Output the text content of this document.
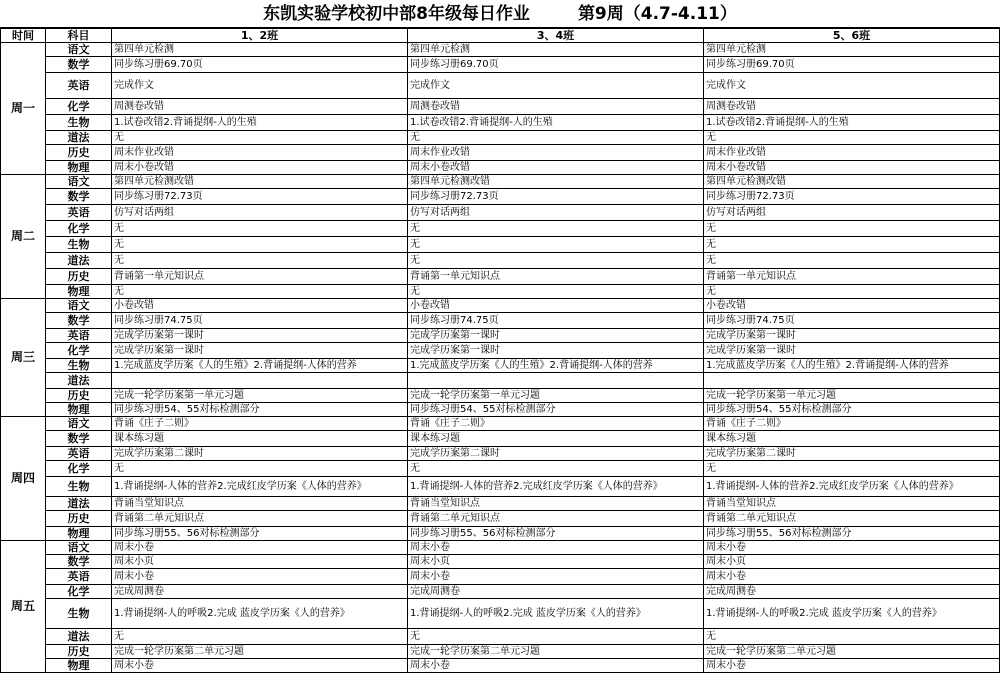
东凯实验学校初中部8年级每日作业	第9周（4.7-4.11）
时间	科目	1、2班	3、4班	5、6班
周一	语文	第四单元检测	第四单元检测	第四单元检测
	数学	同步练习册69.70页	同步练习册69.70页	同步练习册69.70页
	英语	完成作文	完成作文	完成作文
	化学	周测卷改错	周测卷改错	周测卷改错
	生物	1.试卷改错2.背诵提纲-人的生殖	1.试卷改错2.背诵提纲-人的生殖	1.试卷改错2.背诵提纲-人的生殖
	道法	无	无	无
	历史	周末作业改错	周末作业改错	周末作业改错
	物理	周末小卷改错	周末小卷改错	周末小卷改错
周二	语文	第四单元检测改错	第四单元检测改错	第四单元检测改错
	数学	同步练习册72.73页	同步练习册72.73页	同步练习册72.73页
	英语	仿写对话两组	仿写对话两组	仿写对话两组
	化学	无	无	无
	生物	无	无	无
	道法	无	无	无
	历史	背诵第一单元知识点	背诵第一单元知识点	背诵第一单元知识点
	物理	无	无	无
周三	语文	小卷改错	小卷改错	小卷改错
	数学	同步练习册74.75页	同步练习册74.75页	同步练习册74.75页
	英语	完成学历案第一课时	完成学历案第一课时	完成学历案第一课时
	化学	完成学历案第一课时	完成学历案第一课时	完成学历案第一课时
	生物	1.完成蓝皮学历案《人的生殖》2.背诵提纲-人体的营养	1.完成蓝皮学历案《人的生殖》2.背诵提纲-人体的营养	1.完成蓝皮学历案《人的生殖》2.背诵提纲-人体的营养
	道法			
	历史	完成一轮学历案第一单元习题	完成一轮学历案第一单元习题	完成一轮学历案第一单元习题
	物理	同步练习册54、55对标检测部分	同步练习册54、55对标检测部分	同步练习册54、55对标检测部分
周四	语文	背诵《庄子二则》	背诵《庄子二则》	背诵《庄子二则》
	数学	课本练习题	课本练习题	课本练习题
	英语	完成学历案第二课时	完成学历案第二课时	完成学历案第二课时
	化学	无	无	无
	生物	1.背诵提纲-人体的营养2.完成红皮学历案《人体的营养》	1.背诵提纲-人体的营养2.完成红皮学历案《人体的营养》	1.背诵提纲-人体的营养2.完成红皮学历案《人体的营养》
	道法	背诵当堂知识点	背诵当堂知识点	背诵当堂知识点
	历史	背诵第二单元知识点	背诵第二单元知识点	背诵第二单元知识点
	物理	同步练习册55、56对标检测部分	同步练习册55、56对标检测部分	同步练习册55、56对标检测部分
周五	语文	周末小卷	周末小卷	周末小卷
	数学	周末小页	周末小页	周末小页
	英语	周末小卷	周末小卷	周末小卷
	化学	完成周测卷	完成周测卷	完成周测卷
	生物	1.背诵提纲-人的呼吸2.完成 蓝皮学历案《人的营养》	1.背诵提纲-人的呼吸2.完成 蓝皮学历案《人的营养》	1.背诵提纲-人的呼吸2.完成 蓝皮学历案《人的营养》
	道法	无	无	无
	历史	完成一轮学历案第二单元习题	完成一轮学历案第二单元习题	完成一轮学历案第二单元习题
	物理	周末小卷	周末小卷	周末小卷
